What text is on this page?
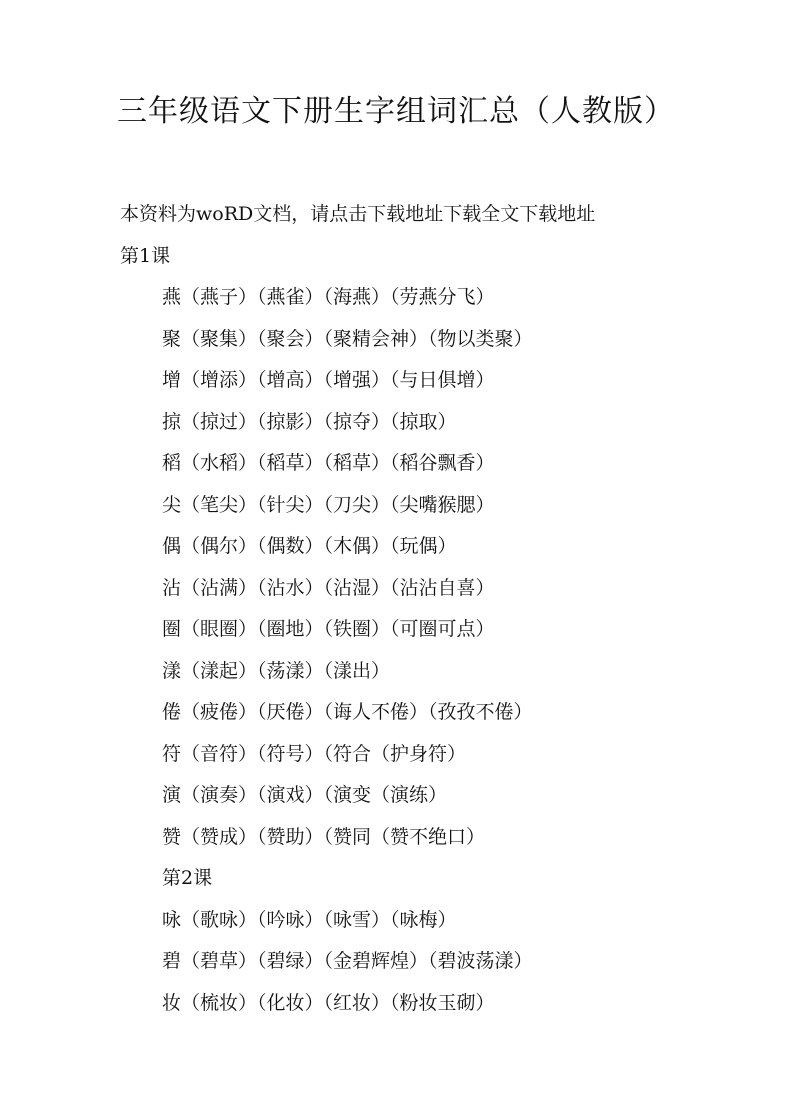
三年级语文下册生字组词汇总（人教版）
本资料为woRD文档，请点击下载地址下载全文下载地址
第1课
燕（燕子）（燕雀）（海燕）（劳燕分飞）
聚（聚集）（聚会）（聚精会神）（物以类聚）
增（增添）（增高）（增强）（与日俱增）
掠（掠过）（掠影）（掠夺）（掠取）
稻（水稻）（稻草）（稻草）（稻谷飘香）
尖（笔尖）（针尖）（刀尖）（尖嘴猴腮）
偶（偶尔）（偶数）（木偶）（玩偶）
沾（沾满）（沾水）（沾湿）（沾沾自喜）
圈（眼圈）（圈地）（铁圈）（可圈可点）
漾（漾起）（荡漾）（漾出）
倦（疲倦）（厌倦）（诲人不倦）（孜孜不倦）
符（音符）（符号）（符合（护身符）
演（演奏）（演戏）（演变（演练）
赞（赞成）（赞助）（赞同（赞不绝口）
第2课
咏（歌咏）（吟咏）（咏雪）（咏梅）
碧（碧草）（碧绿）（金碧辉煌）（碧波荡漾）
妆（梳妆）（化妆）（红妆）（粉妆玉砌）
